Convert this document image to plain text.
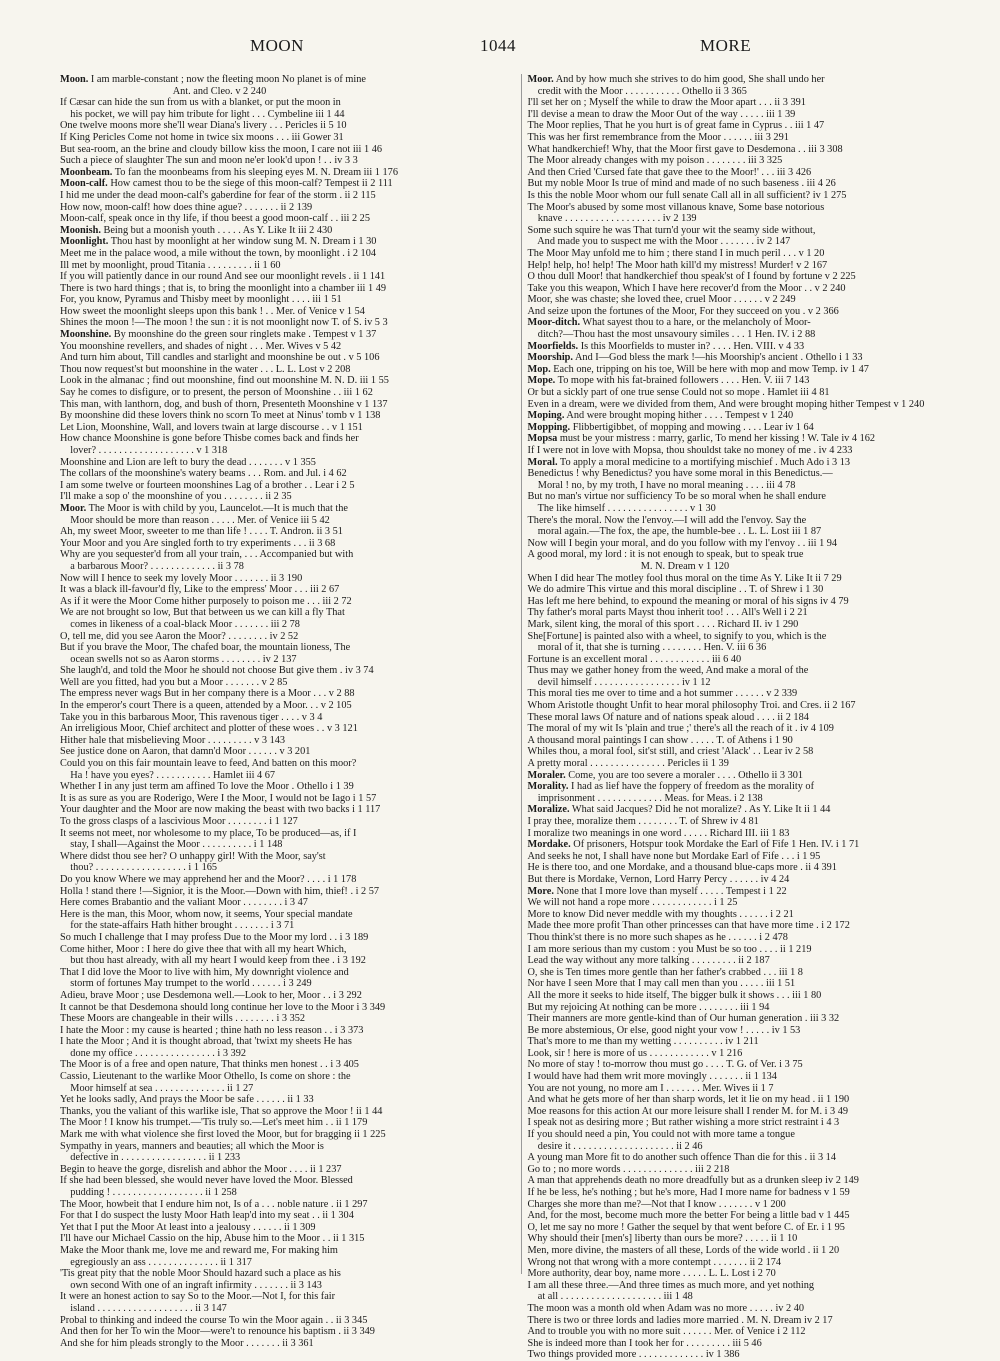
MOON	1044	MORE
Moon. I am marble-constant ; now the fleeting moon No planet is of mine
Ant. and Cleo. v 2 240
If Cæsar can hide the sun from us with a blanket, or put the moon in
his pocket, we will pay him tribute for light . . . Cymbeline iii 1 44
One twelve moons more she'll wear Diana's livery . . . Pericles ii 5 10
If King Pericles Come not home in twice six moons . . . iii Gower 31
But sea-room, an the brine and cloudy billow kiss the moon, I care not iii 1 46
Such a piece of slaughter The sun and moon ne'er look'd upon ! . . iv 3 3
Moonbeam. To fan the moonbeams from his sleeping eyes M. N. Dream iii 1 176
Moon-calf. How camest thou to be the siege of this moon-calf? Tempest ii 2 111
I hid me under the dead moon-calf's gaberdine for fear of the storm . ii 2 115
How now, moon-calf! how does thine ague? . . . . . . . ii 2 139
Moon-calf, speak once in thy life, if thou beest a good moon-calf . . iii 2 25
Moonish. Being but a moonish youth . . . . . As Y. Like It iii 2 430
Moonlight. Thou hast by moonlight at her window sung M. N. Dream i 1 30
Meet me in the palace wood, a mile without the town, by moonlight . i 2 104
Ill met by moonlight, proud Titania . . . . . . . . . ii 1 60
If you will patiently dance in our round And see our moonlight revels . ii 1 141
There is two hard things ; that is, to bring the moonlight into a chamber iii 1 49
For, you know, Pyramus and Thisby meet by moonlight . . . . iii 1 51
How sweet the moonlight sleeps upon this bank ! . . Mer. of Venice v 1 54
Shines the moon !—The moon ! the sun : it is not moonlight now T. of S. iv 5 3
Moonshine. By moonshine do the green sour ringlets make . Tempest v 1 37
You moonshine revellers, and shades of night . . . Mer. Wives v 5 42
And turn him about, Till candles and starlight and moonshine be out . v 5 106
Thou now request'st but moonshine in the water . . . L. L. Lost v 2 208
Look in the almanac ; find out moonshine, find out moonshine M. N. D. iii 1 55
Say he comes to disfigure, or to present, the person of Moonshine . . iii 1 62
This man, with lanthorn, dog, and bush of thorn, Presenteth Moonshine v 1 137
By moonshine did these lovers think no scorn To meet at Ninus' tomb v 1 138
Let Lion, Moonshine, Wall, and lovers twain at large discourse . . v 1 151
How chance Moonshine is gone before Thisbe comes back and finds her
lover? . . . . . . . . . . . . . . . . . . . v 1 318
Moonshine and Lion are left to bury the dead . . . . . . . v 1 355
The collars of the moonshine's watery beams . . . Rom. and Jul. i 4 62
I am some twelve or fourteen moonshines Lag of a brother . . Lear i 2 5
I'll make a sop o' the moonshine of you . . . . . . . . ii 2 35
Moor. The Moor is with child by you, Launcelot.—It is much that the
Moor should be more than reason . . . . . Mer. of Venice iii 5 42
Ah, my sweet Moor, sweeter to me than life ! . . . . T. Andron. ii 3 51
Your Moor and you Are singled forth to try experiments . . . ii 3 68
Why are you sequester'd from all your train, . . . Accompanied but with
a barbarous Moor? . . . . . . . . . . . . . ii 3 78
Now will I hence to seek my lovely Moor . . . . . . . ii 3 190
It was a black ill-favour'd fly, Like to the empress' Moor . . . iii 2 67
As if it were the Moor Come hither purposely to poison me . . . iii 2 72
We are not brought so low, But that between us we can kill a fly That
comes in likeness of a coal-black Moor . . . . . . . iii 2 78
O, tell me, did you see Aaron the Moor? . . . . . . . . iv 2 52
But if you brave the Moor, The chafed boar, the mountain lioness, The
ocean swells not so as Aaron storms . . . . . . . . iv 2 137
She laugh'd, and told the Moor he should not choose But give them . iv 3 74
Well are you fitted, had you but a Moor . . . . . . . v 2 85
The empress never wags But in her company there is a Moor . . . v 2 88
In the emperor's court There is a queen, attended by a Moor. . . v 2 105
Take you in this barbarous Moor, This ravenous tiger . . . . v 3 4
An irreligious Moor, Chief architect and plotter of these woes . . v 3 121
Hither hale that misbelieving Moor . . . . . . . . . v 3 143
See justice done on Aaron, that damn'd Moor . . . . . . v 3 201
Could you on this fair mountain leave to feed, And batten on this moor?
Ha ! have you eyes? . . . . . . . . . . . Hamlet iii 4 67
Whether I in any just term am affined To love the Moor . Othello i 1 39
It is as sure as you are Roderigo, Were I the Moor, I would not be Iago i 1 57
Your daughter and the Moor are now making the beast with two backs i 1 117
To the gross clasps of a lascivious Moor . . . . . . . . i 1 127
It seems not meet, nor wholesome to my place, To be produced—as, if I
stay, I shall—Against the Moor . . . . . . . . . . i 1 148
Where didst thou see her? O unhappy girl! With the Moor, say'st
thou? . . . . . . . . . . . . . . . . . . i 1 165
Do you know Where we may apprehend her and the Moor? . . . . i 1 178
Holla ! stand there !—Signior, it is the Moor.—Down with him, thief! . i 2 57
Here comes Brabantio and the valiant Moor . . . . . . . . i 3 47
Here is the man, this Moor, whom now, it seems, Your special mandate
for the state-affairs Hath hither brought . . . . . . . i 3 71
So much I challenge that I may profess Due to the Moor my lord . . i 3 189
Come hither, Moor : I here do give thee that with all my heart Which,
but thou hast already, with all my heart I would keep from thee . i 3 192
That I did love the Moor to live with him, My downright violence and
storm of fortunes May trumpet to the world . . . . . . i 3 249
Adieu, brave Moor ; use Desdemona well.—Look to her, Moor . . i 3 292
It cannot be that Desdemona should long continue her love to the Moor i 3 349
These Moors are changeable in their wills . . . . . . . . i 3 352
I hate the Moor : my cause is hearted ; thine hath no less reason . . i 3 373
I hate the Moor ; And it is thought abroad, that 'twixt my sheets He has
done my office . . . . . . . . . . . . . . . . i 3 392
The Moor is of a free and open nature, That thinks men honest . . i 3 405
Cassio, Lieutenant to the warlike Moor Othello, Is come on shore : the
Moor himself at sea . . . . . . . . . . . . . . ii 1 27
Yet he looks sadly, And prays the Moor be safe . . . . . . ii 1 33
Thanks, you the valiant of this warlike isle, That so approve the Moor ! ii 1 44
The Moor ! I know his trumpet.—'Tis truly so.—Let's meet him . . ii 1 179
Mark me with what violence she first loved the Moor, but for bragging ii 1 225
Sympathy in years, manners and beauties; all which the Moor is
defective in . . . . . . . . . . . . . . . . . ii 1 233
Begin to heave the gorge, disrelish and abhor the Moor . . . . ii 1 237
If she had been blessed, she would never have loved the Moor. Blessed
pudding ! . . . . . . . . . . . . . . . . . . ii 1 258
The Moor, howbeit that I endure him not, Is of a . . . noble nature . ii 1 297
For that I do suspect the lusty Moor Hath leap'd into my seat . . ii 1 304
Yet that I put the Moor At least into a jealousy . . . . . . ii 1 309
I'll have our Michael Cassio on the hip, Abuse him to the Moor . . ii 1 315
Make the Moor thank me, love me and reward me, For making him
egregiously an ass . . . . . . . . . . . . . . ii 1 317
'Tis great pity that the noble Moor Should hazard such a place as his
own second With one of an ingraft infirmity . . . . . . . ii 3 143
It were an honest action to say So to the Moor.—Not I, for this fair
island . . . . . . . . . . . . . . . . . . . ii 3 147
Probal to thinking and indeed the course To win the Moor again . . ii 3 345
And then for her To win the Moor—were't to renounce his baptism . ii 3 349
And she for him pleads strongly to the Moor . . . . . . . ii 3 361
Moor. And by how much she strives to do him good, She shall undo her
credit with the Moor . . . . . . . . . . . Othello ii 3 365
I'll set her on ; Myself the while to draw the Moor apart . . . ii 3 391
I'll devise a mean to draw the Moor Out of the way . . . . . iii 1 39
The Moor replies, That he you hurt is of great fame in Cyprus . . iii 1 47
This was her first remembrance from the Moor . . . . . . iii 3 291
What handkerchief! Why, that the Moor first gave to Desdemona . . iii 3 308
The Moor already changes with my poison . . . . . . . . iii 3 325
And then Cried 'Cursed fate that gave thee to the Moor!' . . . iii 3 426
But my noble Moor Is true of mind and made of no such baseness . iii 4 26
Is this the noble Moor whom our full senate Call all in all sufficient? iv 1 275
The Moor's abused by some most villanous knave, Some base notorious
knave . . . . . . . . . . . . . . . . . . . iv 2 139
Some such squire he was That turn'd your wit the seamy side without,
And made you to suspect me with the Moor . . . . . . . iv 2 147
The Moor May unfold me to him ; there stand I in much peril . . . v 1 20
Help! help, ho! help! The Moor hath kill'd my mistress! Murder! v 2 167
O thou dull Moor! that handkerchief thou speak'st of I found by fortune v 2 225
Take you this weapon, Which I have here recover'd from the Moor . . v 2 240
Moor, she was chaste; she loved thee, cruel Moor . . . . . . v 2 249
And seize upon the fortunes of the Moor, For they succeed on you . v 2 366
Moor-ditch. What sayest thou to a hare, or the melancholy of Moor-
ditch?—Thou hast the most unsavoury similes . . . 1 Hen. IV. i 2 88
Moorfields. Is this Moorfields to muster in? . . . . Hen. VIII. v 4 33
Moorship. And I—God bless the mark !—his Moorship's ancient . Othello i 1 33
Mop. Each one, tripping on his toe, Will be here with mop and mow Temp. iv 1 47
Mope. To mope with his fat-brained followers . . . . Hen. V. iii 7 143
Or but a sickly part of one true sense Could not so mope . Hamlet iii 4 81
Even in a dream, were we divided from them, And were brought moping hither Tempest v 1 240
Moping. And were brought moping hither . . . . Tempest v 1 240
Mopping. Flibbertigibbet, of mopping and mowing . . . . Lear iv 1 64
Mopsa must be your mistress : marry, garlic, To mend her kissing ! W. Tale iv 4 162
If I were not in love with Mopsa, thou shouldst take no money of me . iv 4 233
Moral. To apply a moral medicine to a mortifying mischief . Much Ado i 3 13
Benedictus ! why Benedictus? you have some moral in this Benedictus.—
Moral ! no, by my troth, I have no moral meaning . . . . iii 4 78
But no man's virtue nor sufficiency To be so moral when he shall endure
The like himself . . . . . . . . . . . . . . . . v 1 30
There's the moral. Now the l'envoy.—I will add the l'envoy. Say the
moral again.—The fox, the ape, the humble-bee . . L. L. Lost iii 1 87
Now will I begin your moral, and do you follow with my l'envoy . . iii 1 94
A good moral, my lord : it is not enough to speak, but to speak true
M. N. Dream v 1 120
When I did hear The motley fool thus moral on the time As Y. Like It ii 7 29
We do admire This virtue and this moral discipline . . T. of Shrew i 1 30
Has left me here behind, to expound the meaning or moral of his signs iv 4 79
Thy father's moral parts Mayst thou inherit too! . . . All's Well i 2 21
Mark, silent king, the moral of this sport . . . . Richard II. iv 1 290
She[Fortune] is painted also with a wheel, to signify to you, which is the
moral of it, that she is turning . . . . . . . . Hen. V. iii 6 36
Fortune is an excellent moral . . . . . . . . . . . . iii 6 40
Thus may we gather honey from the weed, And make a moral of the
devil himself . . . . . . . . . . . . . . . . . iv 1 12
This moral ties me over to time and a hot summer . . . . . . v 2 339
Whom Aristotle thought Unfit to hear moral philosophy Troi. and Cres. ii 2 167
These moral laws Of nature and of nations speak aloud . . . . ii 2 184
The moral of my wit Is 'plain and true ;' there's all the reach of it . iv 4 109
A thousand moral paintings I can show . . . . . T. of Athens i 1 90
Whiles thou, a moral fool, sit'st still, and criest 'Alack' . . Lear iv 2 58
A pretty moral . . . . . . . . . . . . . . . Pericles ii 1 39
Moraler. Come, you are too severe a moraler . . . . Othello ii 3 301
Morality. I had as lief have the foppery of freedom as the morality of
imprisonment . . . . . . . . . . . . . Meas. for Meas. i 2 138
Moralize. What said Jacques? Did he not moralize? . As Y. Like It ii 1 44
I pray thee, moralize them . . . . . . . . T. of Shrew iv 4 81
I moralize two meanings in one word . . . . . Richard III. iii 1 83
Mordake. Of prisoners, Hotspur took Mordake the Earl of Fife 1 Hen. IV. i 1 71
And seeks he not, I shall have none but Mordake Earl of Fife . . . i 1 95
He is there too, and one Mordake, and a thousand blue-caps more . ii 4 391
But there is Mordake, Vernon, Lord Harry Percy . . . . . . iv 4 24
More. None that I more love than myself . . . . . Tempest i 1 22
We will not hand a rope more . . . . . . . . . . . . i 1 25
More to know Did never meddle with my thoughts . . . . . . i 2 21
Made thee more profit Than other princesses can that have more time . i 2 172
Thou think'st there is no more such shapes as he . . . . . . i 2 478
I am more serious than my custom : you Must be so too . . . . ii 1 219
Lead the way without any more talking . . . . . . . . . ii 2 187
O, she is Ten times more gentle than her father's crabbed . . . iii 1 8
Nor have I seen More that I may call men than you . . . . . iii 1 51
All the more it seeks to hide itself, The bigger bulk it shows . . . iii 1 80
But my rejoicing At nothing can be more . . . . . . . . iii 1 94
Their manners are more gentle-kind than of Our human generation . iii 3 32
Be more abstemious, Or else, good night your vow ! . . . . . iv 1 53
That's more to me than my wetting . . . . . . . . . . iv 1 211
Look, sir ! here is more of us . . . . . . . . . . . . v 1 216
No more of stay ! to-morrow thou must go . . . . T. G. of Ver. i 3 75
I would have had them writ more movingly . . . . . . . ii 1 134
You are not young, no more am I . . . . . . . Mer. Wives ii 1 7
And what he gets more of her than sharp words, let it lie on my head . ii 1 190
Moe reasons for this action At our more leisure shall I render M. for M. i 3 49
I speak not as desiring more ; But rather wishing a more strict restraint i 4 3
If you should need a pin, You could not with more tame a tongue
desire it . . . . . . . . . . . . . . . . . . . . ii 2 46
A young man More fit to do another such offence Than die for this . ii 3 14
Go to ; no more words . . . . . . . . . . . . . . iii 2 218
A man that apprehends death no more dreadfully but as a drunken sleep iv 2 149
If he be less, he's nothing ; but he's more, Had I more name for badness v 1 59
Charges she more than me?—Not that I know . . . . . . . v 1 200
And, for the most, become much more the better For being a little bad v 1 445
O, let me say no more ! Gather the sequel by that went before C. of Er. i 1 95
Why should their [men's] liberty than ours be more? . . . . . ii 1 10
Men, more divine, the masters of all these, Lords of the wide world . ii 1 20
Wrong not that wrong with a more contempt . . . . . . . ii 2 174
More authority, dear boy, name more . . . . . L. L. Lost i 2 70
I am all these three.—And three times as much more, and yet nothing
at all . . . . . . . . . . . . . . . . . . . . iii 1 48
The moon was a month old when Adam was no more . . . . . iv 2 40
There is two or three lords and ladies more married . M. N. Dream iv 2 17
And to trouble you with no more suit . . . . . . Mer. of Venice i 2 112
She is indeed more than I took her for . . . . . . . . . iii 5 46
Two things provided more . . . . . . . . . . . . . iv 1 386
